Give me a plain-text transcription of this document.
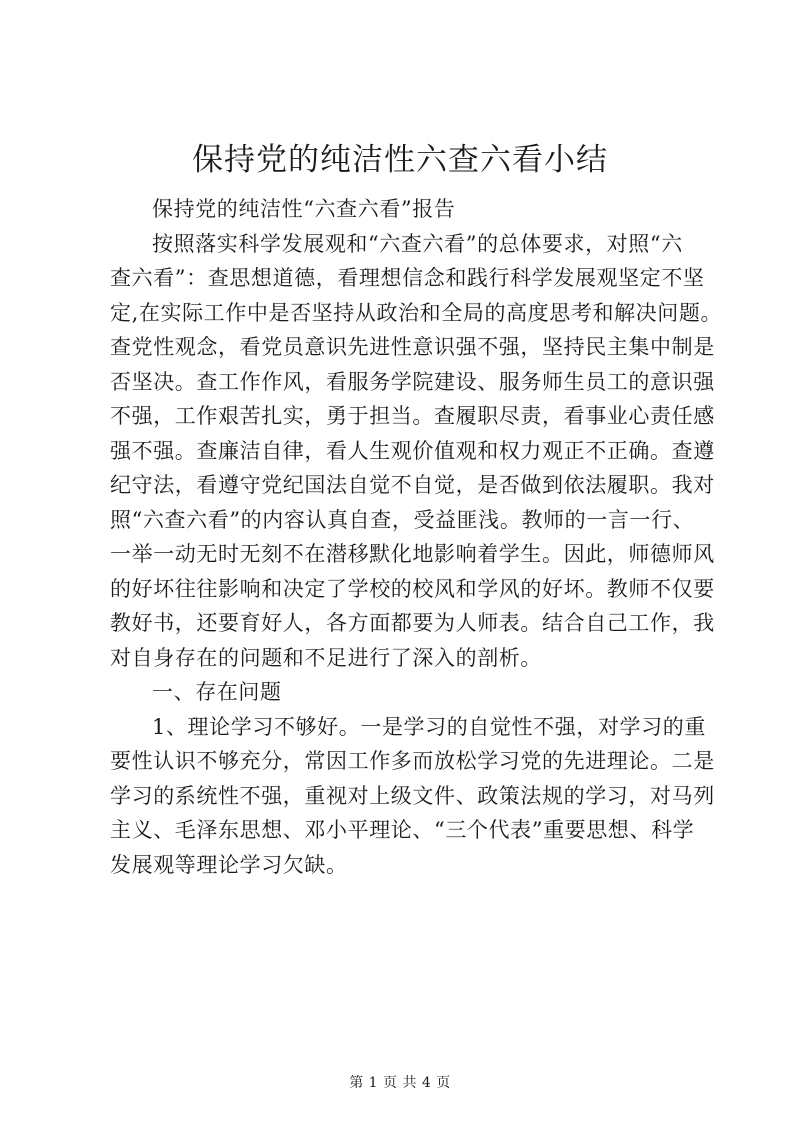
保持党的纯洁性六查六看小结
保持党的纯洁性“六查六看”报告
按照落实科学发展观和“六查六看”的总体要求，对照“六
查六看”：查思想道德，看理想信念和践行科学发展观坚定不坚
定,在实际工作中是否坚持从政治和全局的高度思考和解决问题。
查党性观念，看党员意识先进性意识强不强，坚持民主集中制是
否坚决。查工作作风，看服务学院建设、服务师生员工的意识强
不强，工作艰苦扎实，勇于担当。查履职尽责，看事业心责任感
强不强。查廉洁自律，看人生观价值观和权力观正不正确。查遵
纪守法，看遵守党纪国法自觉不自觉，是否做到依法履职。我对
照“六查六看”的内容认真自查，受益匪浅。教师的一言一行、
一举一动无时无刻不在潜移默化地影响着学生。因此，师德师风
的好坏往往影响和决定了学校的校风和学风的好坏。教师不仅要
教好书，还要育好人，各方面都要为人师表。结合自己工作，我
对自身存在的问题和不足进行了深入的剖析。
一、存在问题
1、理论学习不够好。一是学习的自觉性不强，对学习的重
要性认识不够充分，常因工作多而放松学习党的先进理论。二是
学习的系统性不强，重视对上级文件、政策法规的学习，对马列
主义、毛泽东思想、邓小平理论、“三个代表”重要思想、科学
发展观等理论学习欠缺。
第 1 页 共 4 页
